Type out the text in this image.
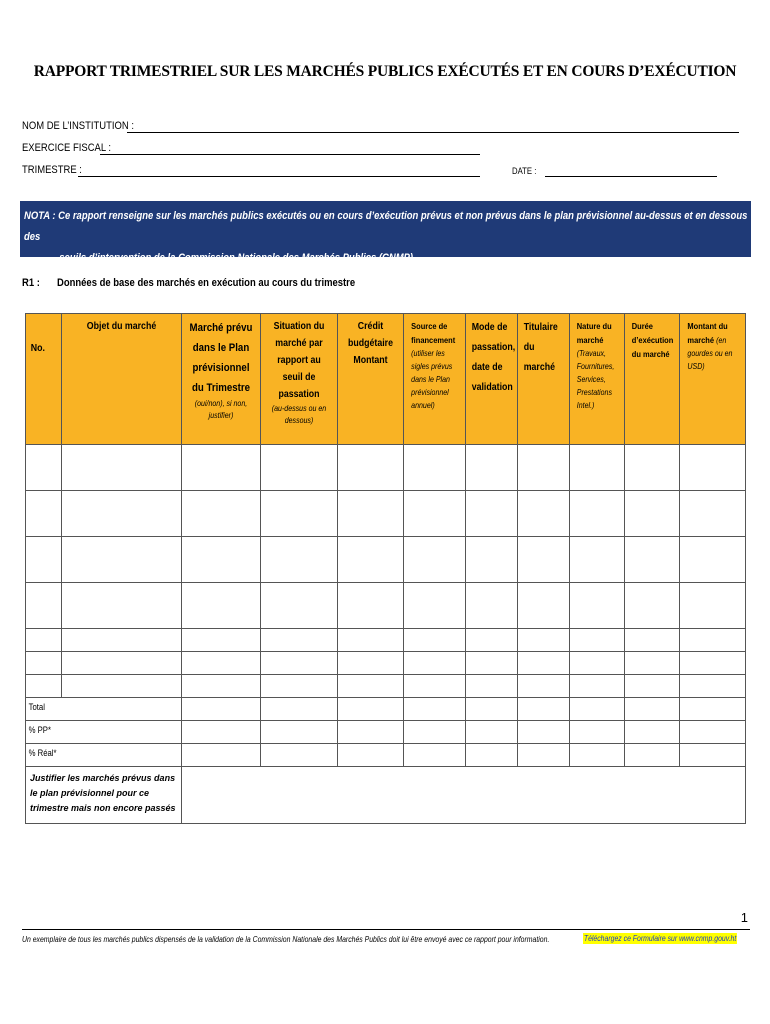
RAPPORT TRIMESTRIEL SUR LES MARCHÉS PUBLICS EXÉCUTÉS ET EN COURS D’EXÉCUTION
NOM DE L’INSTITUTION :
EXERCICE FISCAL :
TRIMESTRE :	DATE :
NOTA : Ce rapport renseigne sur les marchés publics exécutés ou en cours d’exécution prévus et non prévus dans le plan prévisionnel au-dessus et en dessous des
seuils d’intervention de la Commission Nationale des Marchés Publics (CNMP).
R1 : Données de base des marchés en exécution au cours du trimestre
No.	Objet du marché	Marché prévu dans le Plan prévisionnel du Trimestre
(oui/non), si non, justifier)	Situation du marché par rapport au seuil de passation
(au-dessus ou en dessous)	Crédit budgétaire Montant	Source de financement
(utiliser les sigles prévus dans le Plan prévisionnel annuel)	Mode de passation, date de validation	Titulaire du marché	Nature du marché
(Travaux, Fournitures, Services, Prestations Intel.)	Durée d’exécution du marché	Montant du marché (en
gourdes ou en USD)

Total										

% PP*										

% Réal*										

Justifier les marchés prévus dans le plan prévisionnel pour ce trimestre mais non encore passés										

1
Un exemplaire de tous les marchés publics dispensés de la validation de la Commission Nationale des Marchés Publics doit lui être envoyé avec ce rapport pour information.	Téléchargez ce Formulaire sur www.cnmp.gouv.ht
